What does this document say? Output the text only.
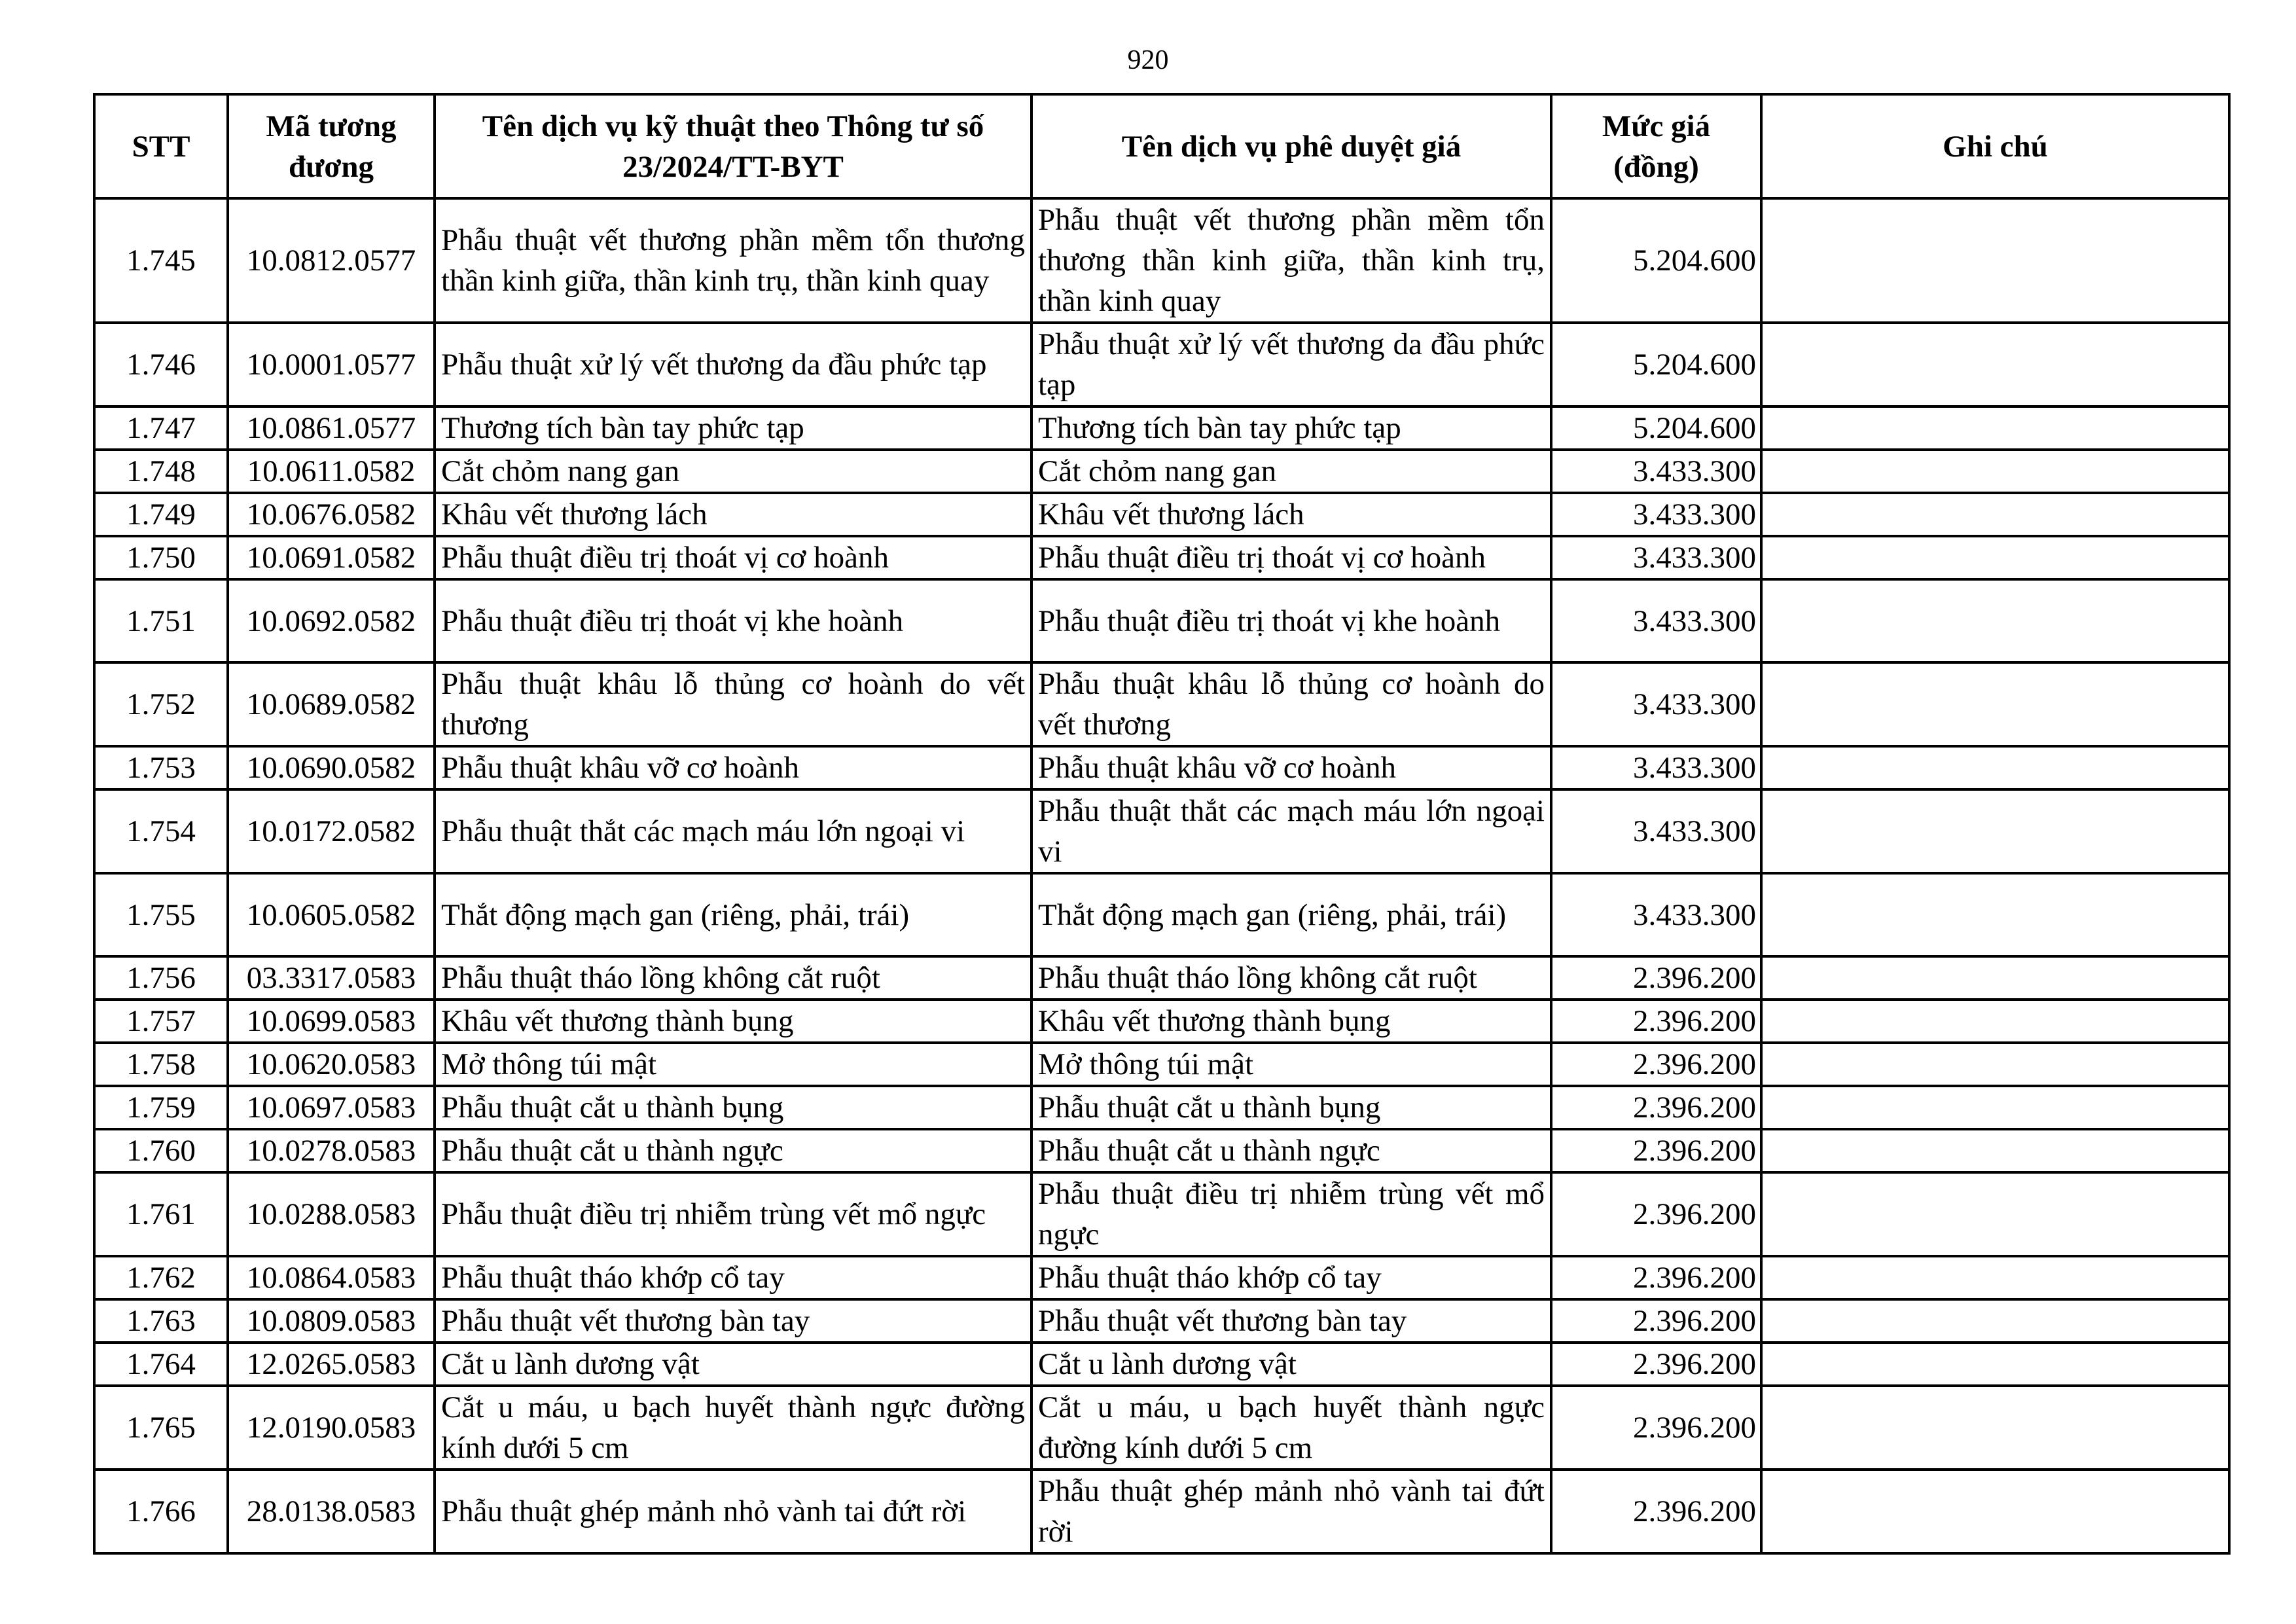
920
STT	Mã tương đương	Tên dịch vụ kỹ thuật theo Thông tư số 23/2024/TT-BYT	Tên dịch vụ phê duyệt giá	Mức giá (đồng)	Ghi chú
1.745	10.0812.0577	Phẫu thuật vết thương phần mềm tổn thương thần kinh giữa, thần kinh trụ, thần kinh quay	Phẫu thuật vết thương phần mềm tổn thương thần kinh giữa, thần kinh trụ, thần kinh quay	5.204.600	
1.746	10.0001.0577	Phẫu thuật xử lý vết thương da đầu phức tạp	Phẫu thuật xử lý vết thương da đầu phức tạp	5.204.600	
1.747	10.0861.0577	Thương tích bàn tay phức tạp	Thương tích bàn tay phức tạp	5.204.600	
1.748	10.0611.0582	Cắt chỏm nang gan	Cắt chỏm nang gan	3.433.300	
1.749	10.0676.0582	Khâu vết thương lách	Khâu vết thương lách	3.433.300	
1.750	10.0691.0582	Phẫu thuật điều trị thoát vị cơ hoành	Phẫu thuật điều trị thoát vị cơ hoành	3.433.300	
1.751	10.0692.0582	Phẫu thuật điều trị thoát vị khe hoành	Phẫu thuật điều trị thoát vị khe hoành	3.433.300	
1.752	10.0689.0582	Phẫu thuật khâu lỗ thủng cơ hoành do vết thương	Phẫu thuật khâu lỗ thủng cơ hoành do vết thương	3.433.300	
1.753	10.0690.0582	Phẫu thuật khâu vỡ cơ hoành	Phẫu thuật khâu vỡ cơ hoành	3.433.300	
1.754	10.0172.0582	Phẫu thuật thắt các mạch máu lớn ngoại vi	Phẫu thuật thắt các mạch máu lớn ngoại vi	3.433.300	
1.755	10.0605.0582	Thắt động mạch gan (riêng, phải, trái)	Thắt động mạch gan (riêng, phải, trái)	3.433.300	
1.756	03.3317.0583	Phẫu thuật tháo lồng không cắt ruột	Phẫu thuật tháo lồng không cắt ruột	2.396.200	
1.757	10.0699.0583	Khâu vết thương thành bụng	Khâu vết thương thành bụng	2.396.200	
1.758	10.0620.0583	Mở thông túi mật	Mở thông túi mật	2.396.200	
1.759	10.0697.0583	Phẫu thuật cắt u thành bụng	Phẫu thuật cắt u thành bụng	2.396.200	
1.760	10.0278.0583	Phẫu thuật cắt u thành ngực	Phẫu thuật cắt u thành ngực	2.396.200	
1.761	10.0288.0583	Phẫu thuật điều trị nhiễm trùng vết mổ ngực	Phẫu thuật điều trị nhiễm trùng vết mổ ngực	2.396.200	
1.762	10.0864.0583	Phẫu thuật tháo khớp cổ tay	Phẫu thuật tháo khớp cổ tay	2.396.200	
1.763	10.0809.0583	Phẫu thuật vết thương bàn tay	Phẫu thuật vết thương bàn tay	2.396.200	
1.764	12.0265.0583	Cắt u lành dương vật	Cắt u lành dương vật	2.396.200	
1.765	12.0190.0583	Cắt u máu, u bạch huyết thành ngực đường kính dưới 5 cm	Cắt u máu, u bạch huyết thành ngực đường kính dưới 5 cm	2.396.200	
1.766	28.0138.0583	Phẫu thuật ghép mảnh nhỏ vành tai đứt rời	Phẫu thuật ghép mảnh nhỏ vành tai đứt rời	2.396.200	
